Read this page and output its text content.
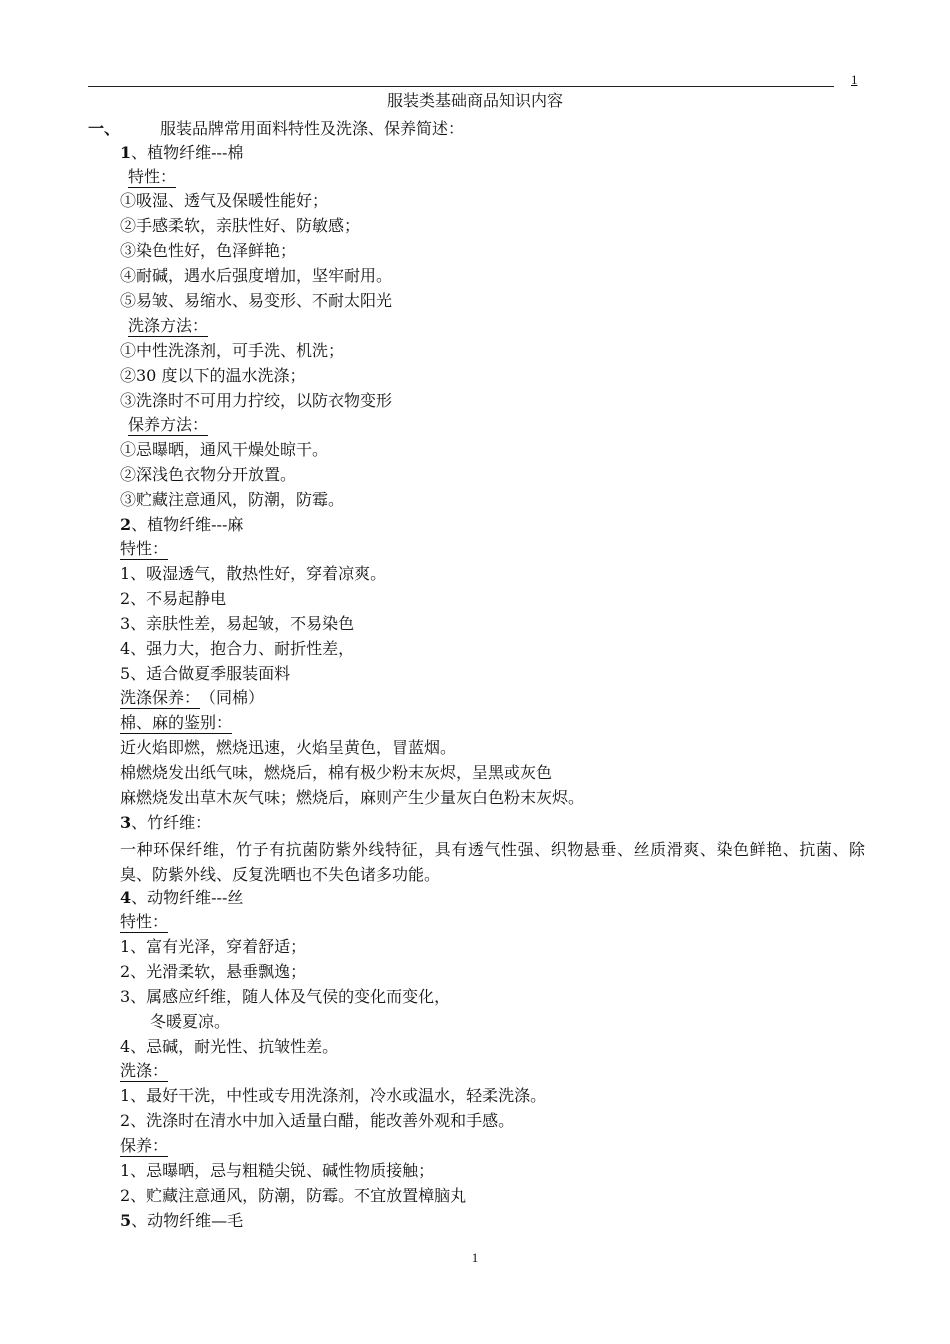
1
服装类基础商品知识内容
一、 服装品牌常用面料特性及洗涤、保养简述：
1、植物纤维---棉
特性：
①吸湿、透气及保暖性能好；
②手感柔软，亲肤性好、防敏感；
③染色性好，色泽鲜艳；
④耐碱，遇水后强度增加，坚牢耐用。
⑤易皱、易缩水、易变形、不耐太阳光
洗涤方法：
①中性洗涤剂，可手洗、机洗；
②30 度以下的温水洗涤；
③洗涤时不可用力拧绞，以防衣物变形
保养方法：
①忌曝晒，通风干燥处晾干。
②深浅色衣物分开放置。
③贮藏注意通风，防潮，防霉。
2、植物纤维---麻
特性：
1、吸湿透气，散热性好，穿着凉爽。
2、不易起静电
3、亲肤性差，易起皱，不易染色
4、强力大，抱合力、耐折性差，
5、适合做夏季服装面料
洗涤保养：（同棉）
棉、麻的鉴别：
近火焰即燃，燃烧迅速，火焰呈黄色，冒蓝烟。
棉燃烧发出纸气味，燃烧后，棉有极少粉末灰烬，呈黑或灰色
麻燃烧发出草木灰气味；燃烧后，麻则产生少量灰白色粉末灰烬。
3、竹纤维：
一种环保纤维，竹子有抗菌防紫外线特征，具有透气性强、织物悬垂、丝质滑爽、染色鲜艳、抗菌、除臭、防紫外线、反复洗晒也不失色诸多功能。
4、动物纤维---丝
特性：
1、富有光泽，穿着舒适；
2、光滑柔软，悬垂飘逸；
3、属感应纤维，随人体及气侯的变化而变化，
冬暖夏凉。
4、忌碱，耐光性、抗皱性差。
洗涤：
1、最好干洗，中性或专用洗涤剂，冷水或温水，轻柔洗涤。
2、洗涤时在清水中加入适量白醋，能改善外观和手感。
保养：
1、忌曝晒，忌与粗糙尖锐、碱性物质接触；
2、贮藏注意通风，防潮，防霉。不宜放置樟脑丸
5、动物纤维—毛
1
